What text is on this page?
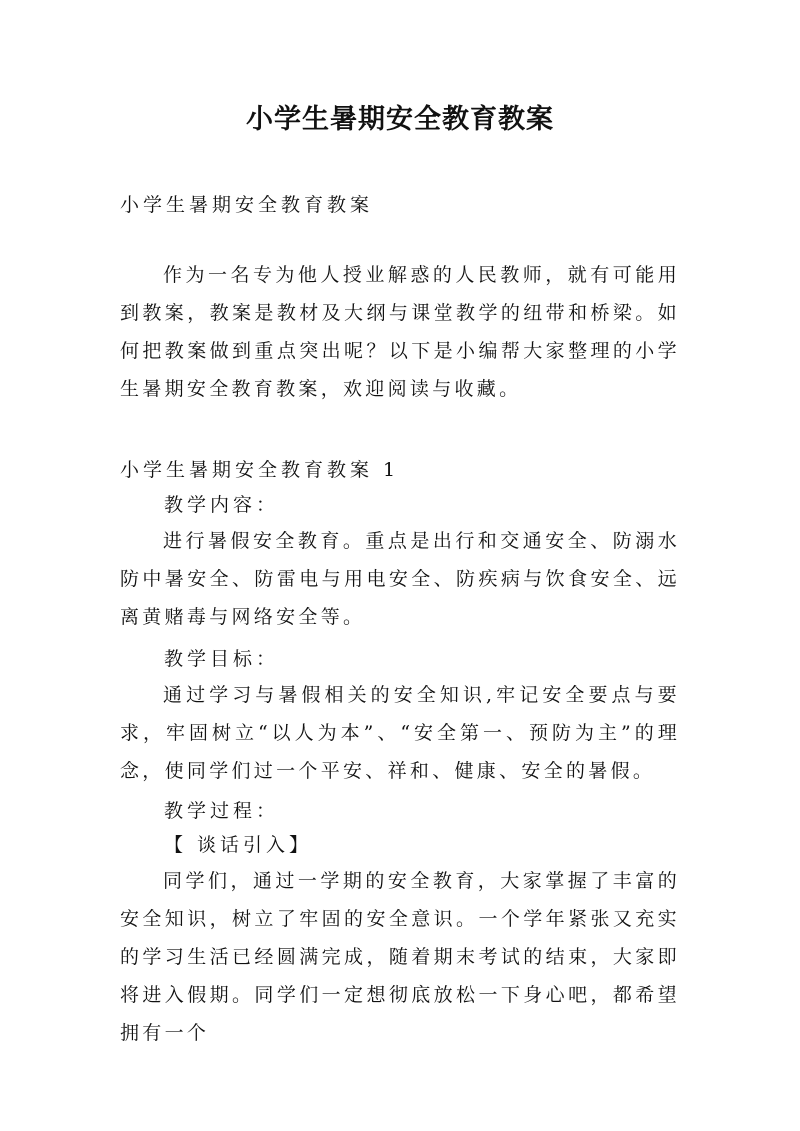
小学生暑期安全教育教案
小学生暑期安全教育教案

作为一名专为他人授业解惑的人民教师，就有可能用到教案，教案是教材及大纲与课堂教学的纽带和桥梁。如何把教案做到重点突出呢？以下是小编帮大家整理的小学生暑期安全教育教案，欢迎阅读与收藏。

小学生暑期安全教育教案 1
教学内容：

进行暑假安全教育。重点是出行和交通安全、防溺水防中暑安全、防雷电与用电安全、防疾病与饮食安全、远离黄赌毒与网络安全等。

教学目标：

通过学习与暑假相关的安全知识,牢记安全要点与要求，牢固树立“以人为本”、“安全第一、预防为主”的理念，使同学们过一个平安、祥和、健康、安全的暑假。

教学过程：
【 谈话引入】

同学们，通过一学期的安全教育，大家掌握了丰富的安全知识，树立了牢固的安全意识。一个学年紧张又充实的学习生活已经圆满完成，随着期末考试的结束，大家即将进入假期。同学们一定想彻底放松一下身心吧，都希望拥有一个
